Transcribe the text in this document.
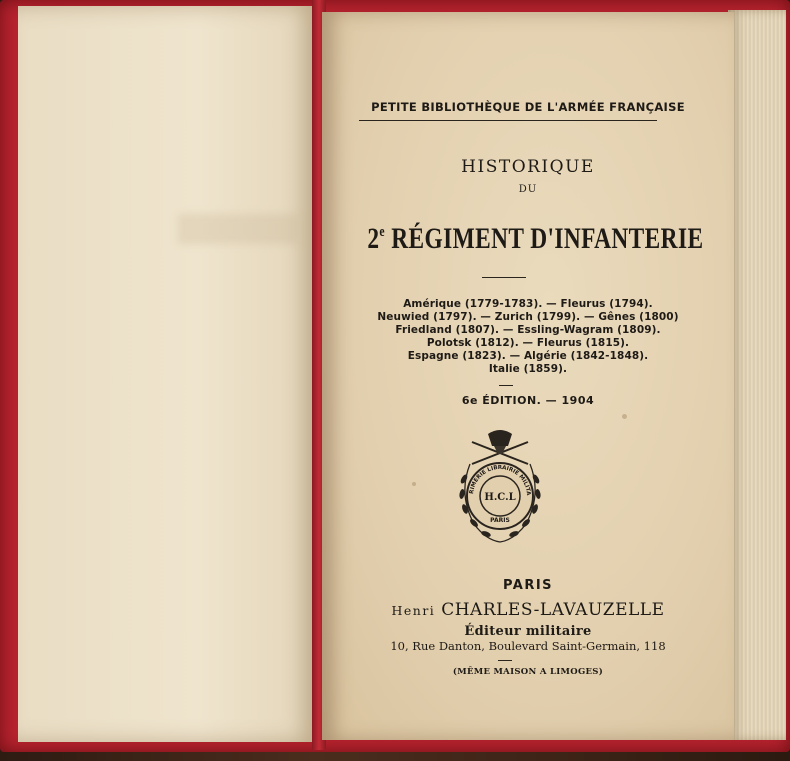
PETITE BIBLIOTHÈQUE DE L'ARMÉE FRANÇAISE
HISTORIQUE
DU
2e RÉGIMENT D'INFANTERIE
Amérique (1779-1783). — Fleurus (1794).
Neuwied (1797). — Zurich (1799). — Gênes (1800)
Friedland (1807). — Essling-Wagram (1809).
Polotsk (1812). — Fleurus (1815).
Espagne (1823). — Algérie (1842-1848).
Italie (1859).
6e ÉDITION. — 1904
RIMERIE LIBRAIRIE MILITA
H.C.L
PARIS
PARIS
Henri CHARLES-LAVAUZELLE
Éditeur militaire
10, Rue Danton, Boulevard Saint-Germain, 118
(MÊME MAISON A LIMOGES)
